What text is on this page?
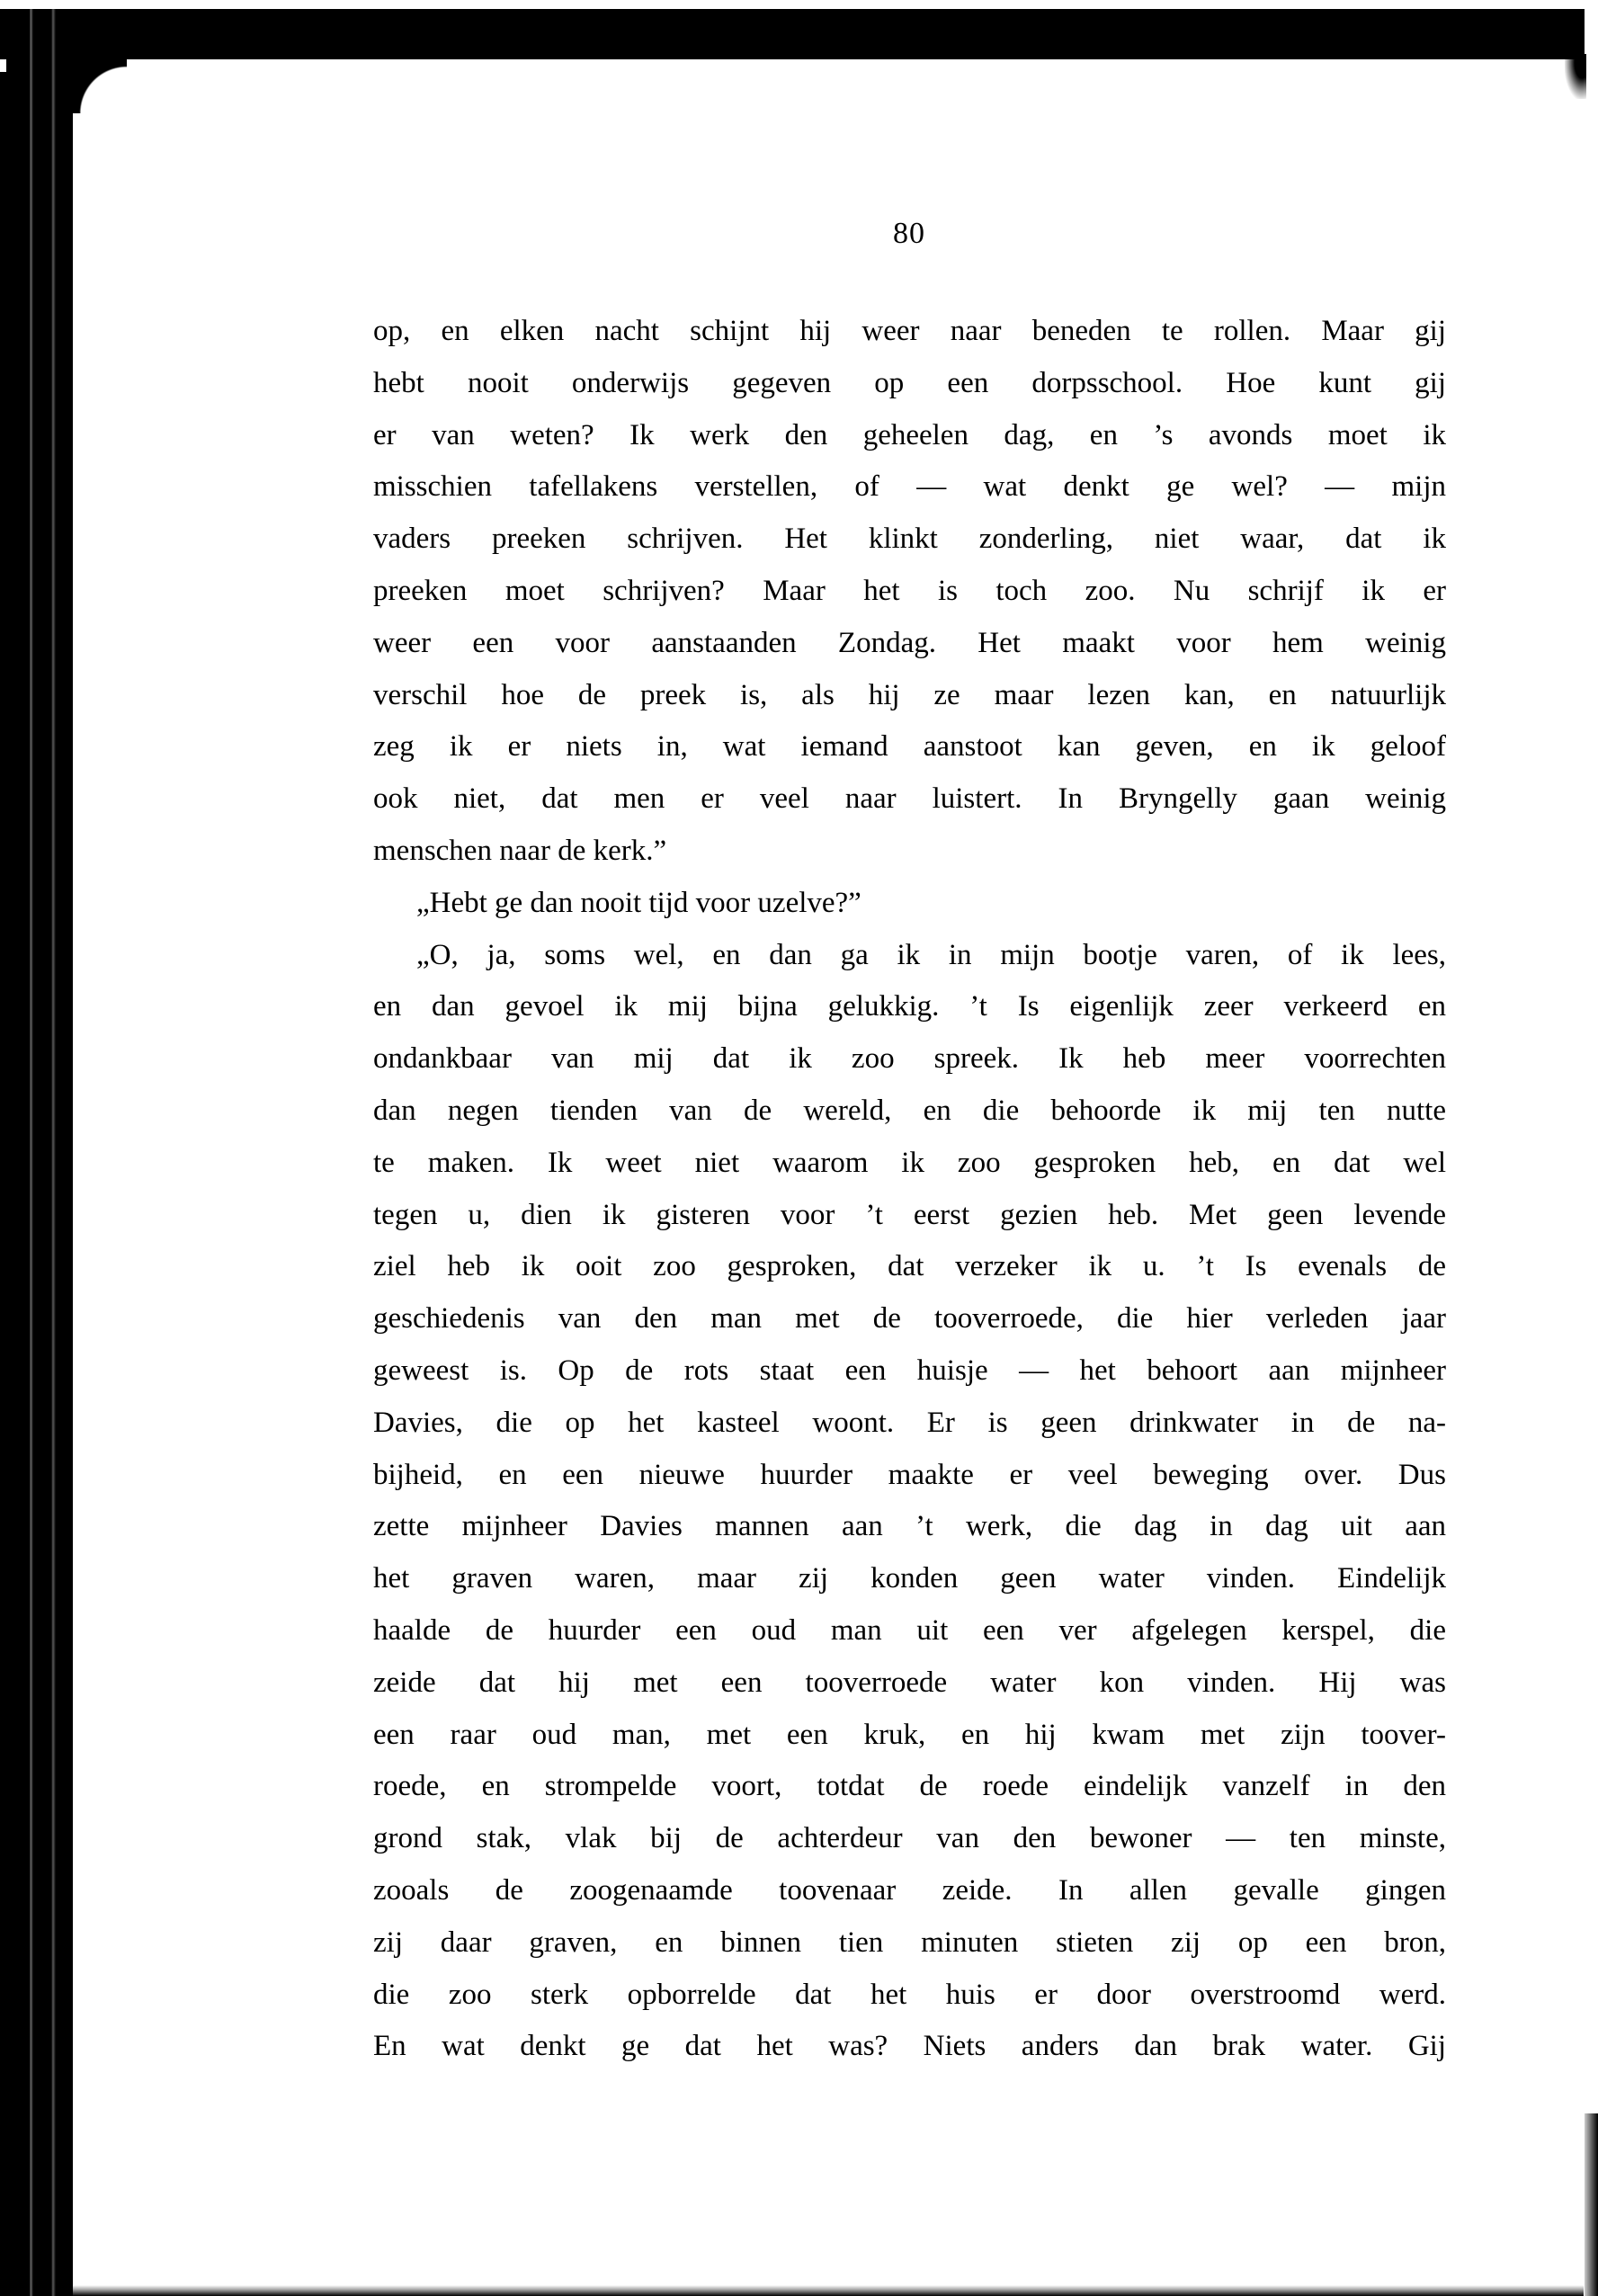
80
op, en elken nacht schijnt hij weer naar beneden te rollen. Maar gij
hebt nooit onderwijs gegeven op een dorpsschool. Hoe kunt gij
er van weten? Ik werk den geheelen dag, en ’s avonds moet ik
misschien tafellakens verstellen, of — wat denkt ge wel? — mijn
vaders preeken schrijven. Het klinkt zonderling, niet waar, dat ik
preeken moet schrijven? Maar het is toch zoo. Nu schrijf ik er
weer een voor aanstaanden Zondag. Het maakt voor hem weinig
verschil hoe de preek is, als hij ze maar lezen kan, en natuurlijk
zeg ik er niets in, wat iemand aanstoot kan geven, en ik geloof
ook niet, dat men er veel naar luistert. In Bryngelly gaan weinig
menschen naar de kerk.”
„Hebt ge dan nooit tijd voor uzelve?”
„O, ja, soms wel, en dan ga ik in mijn bootje varen, of ik lees,
en dan gevoel ik mij bijna gelukkig. ’t Is eigenlijk zeer verkeerd en
ondankbaar van mij dat ik zoo spreek. Ik heb meer voorrechten
dan negen tienden van de wereld, en die behoorde ik mij ten nutte
te maken. Ik weet niet waarom ik zoo gesproken heb, en dat wel
tegen u, dien ik gisteren voor ’t eerst gezien heb. Met geen levende
ziel heb ik ooit zoo gesproken, dat verzeker ik u. ’t Is evenals de
geschiedenis van den man met de tooverroede, die hier verleden jaar
geweest is. Op de rots staat een huisje — het behoort aan mijnheer
Davies, die op het kasteel woont. Er is geen drinkwater in de na-
bijheid, en een nieuwe huurder maakte er veel beweging over. Dus
zette mijnheer Davies mannen aan ’t werk, die dag in dag uit aan
het graven waren, maar zij konden geen water vinden. Eindelijk
haalde de huurder een oud man uit een ver afgelegen kerspel, die
zeide dat hij met een tooverroede water kon vinden. Hij was
een raar oud man, met een kruk, en hij kwam met zijn toover-
roede, en strompelde voort, totdat de roede eindelijk vanzelf in den
grond stak, vlak bij de achterdeur van den bewoner — ten minste,
zooals de zoogenaamde toovenaar zeide. In allen gevalle gingen
zij daar graven, en binnen tien minuten stieten zij op een bron,
die zoo sterk opborrelde dat het huis er door overstroomd werd.
En wat denkt ge dat het was? Niets anders dan brak water. Gij
